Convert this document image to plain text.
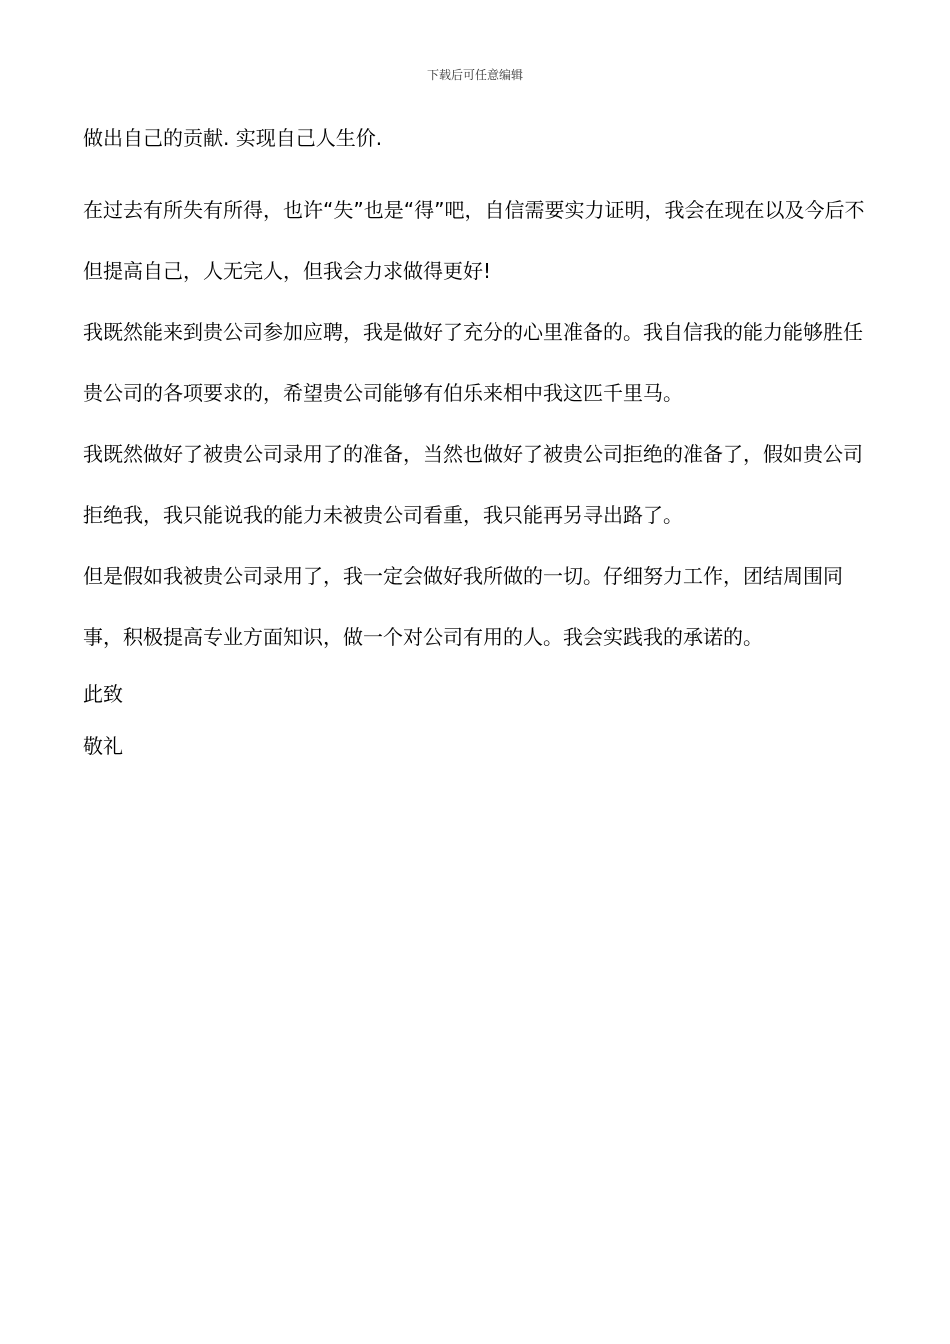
下载后可任意编辑

做出自己的贡献. 实现自己人生价.

在过去有所失有所得，也许“失”也是“得”吧，自信需要实力证明，我会在现在以及今后不但提高自己，人无完人，但我会力求做得更好!

我既然能来到贵公司参加应聘，我是做好了充分的心里准备的。我自信我的能力能够胜任贵公司的各项要求的，希望贵公司能够有伯乐来相中我这匹千里马。

我既然做好了被贵公司录用了的准备，当然也做好了被贵公司拒绝的准备了，假如贵公司拒绝我，我只能说我的能力未被贵公司看重，我只能再另寻出路了。

但是假如我被贵公司录用了，我一定会做好我所做的一切。仔细努力工作，团结周围同事，积极提高专业方面知识，做一个对公司有用的人。我会实践我的承诺的。

此致

敬礼
